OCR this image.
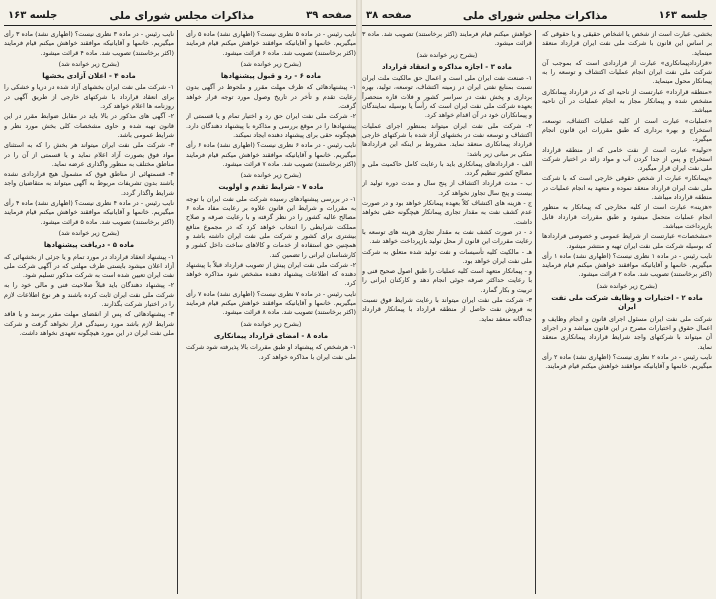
صفحه ۳۹
مذاکرات مجلس شورای ملی
جلسه ۱۶۳

نایب رئیس - در ماده ۵ نظری نیست؟ (اظهاری نشد) ماده ۵ رأی میگیریم. خانمها و آقایانیکه موافقند خواهش میکنم قیام فرمایند (اکثر برخاستند) تصویب شد. ماده ۶ قرائت میشود.

(بشرح زیر خوانده شد)

ماده ۶ - رد و قبول پیشنهادها

۱- پیشنهادهائی که ظرف مهلت مقرر و ملحوظ در آگهی بدون رعایت تقدم و تأخر در تاریخ وصول مورد توجه قرار خواهد گرفت.

۲- شرکت ملی نفت ایران حق رد و اختیار تمام و یا قسمتی از پیشنهادها را در موقع بررسی و مذاکره با پیشنهاد دهندگان دارد. هیچگونه حقی برای پیشنهاد دهنده ایجاد نمیکند.

نایب رئیس - در ماده ۶ نظری نیست؟ (اظهاری نشد) ماده ۶ رأی میگیریم. خانمها و آقایانیکه موافقند خواهش میکنم قیام فرمایند (اکثر برخاستند) تصویب شد. ماده ۷ قرائت میشود.

(بشرح زیر خوانده شد)

ماده ۷ - شرایط تقدم و اولویت

۱- در بررسی پیشنهادهای رسیده شرکت ملی نفت ایران با توجه به مقررات و شرایط این قانون علاوه بر رعایت مفاد ماده ۶ مصالح عالیه کشور را در نظر گرفته و با رعایت صرفه و صلاح مملکت شرایطی را انتخاب خواهد کرد که در مجموع منافع بیشتری برای کشور و شرکت ملی نفت ایران داشته باشد و همچنین حق استفاده از خدمات و کالاهای ساخت داخل کشور و کارشناسان ایرانی را تضمین کند.

۲- شرکت ملی نفت ایران پیش از تصویب قرارداد قبلاً با پیشنهاد دهنده که اطلاعات پیشنهاد دهنده مشخص شود مذاکره خواهد کرد.

نایب رئیس - در ماده ۷ نظری نیست؟ (اظهاری نشد) ماده ۷ رأی میگیریم. خانمها و آقایانیکه موافقند خواهش میکنم قیام فرمایند (اکثر برخاستند) تصویب شد. ماده ۸ قرائت میشود.

(بشرح زیر خوانده شد)

ماده ۸ - امضای قرارداد پیمانکاری

۱- هرشخص که پیشنهاد او طبق مقررات بالا پذیرفته شود شرکت ملی نفت ایران با مذاکره خواهد کرد.

نایب رئیس - در ماده ۳ نظری نیست؟ (اظهاری نشد) ماده ۳ رأی میگیریم. خانمها و آقایانیکه موافقند خواهش میکنم قیام فرمایند (اکثر برخاستند) تصویب شد. ماده ۴ قرائت میشود.

(بشرح زیر خوانده شد)

ماده ۴ - اعلان آزادی بخشها

۱- شرکت ملی نفت ایران بخشهای آزاد شده در دریا و خشکی را برای انعقاد قرارداد با شرکتهای خارجی از طریق آگهی در روزنامه ها اعلام خواهد کرد.

۲- آگهی های مذکور در بالا باید در مقابل ضوابط مقرر در این قانون تهیه شده و حاوی مشخصات کلی بخش مورد نظر و شرایط عمومی باشد.

۳- شرکت ملی نفت ایران میتواند هر بخش را که به استثنای مواد فوق بصورت آزاد اعلام نماید و یا قسمتی از آن را در مناطق مختلف به منظور واگذاری عرضه نماید.

۴- قسمتهائی از مناطق فوق که مشمول هیچ قراردادی نشده باشند بدون تشریفات مربوط به آگهی میتواند به متقاضیان واجد شرایط واگذار گردد.

نایب رئیس - در ماده ۴ نظری نیست؟ (اظهاری نشد) ماده ۴ رأی میگیریم. خانمها و آقایانیکه موافقند خواهش میکنم قیام فرمایند (اکثر برخاستند) تصویب شد. ماده ۵ قرائت میشود.

(بشرح زیر خوانده شد)

ماده ۵ - دریافت پیشنهادها

۱- پیشنهاد انعقاد قرارداد در مورد تمام و یا جزئی از بخشهائی که آزاد اعلان میشود بایستی ظرف مهلتی که در آگهی شرکت ملی نفت ایران تعیین شده است به شرکت مذکور تسلیم شود.

۲- پیشنهاد دهندگان باید قبلاً صلاحیت فنی و مالی خود را به شرکت ملی نفت ایران ثابت کرده باشند و هر نوع اطلاعات لازم را در اختیار شرکت بگذارند.

۳- پیشنهادهائی که پس از انقضای مهلت مقرر برسد و یا فاقد شرایط لازم باشد مورد رسیدگی قرار نخواهد گرفت و شرکت ملی نفت ایران در این مورد هیچگونه تعهدی نخواهد داشت.

جلسه ۱۶۳
مذاکرات مجلس شورای ملی
صفحه ۳۸

بخشی، عبارت است از شخص یا اشخاص حقیقی و یا حقوقی که بر اساس این قانون با شرکت ملی نفت ایران قرارداد منعقد مینماید.

«قراردادپیمانکاری» عبارت از قراردادی است که بموجب آن شرکت ملی نفت ایران انجام عملیات اکتشاف و توسعه را به پیمانکار محول مینماید.

«منطقه قرارداد» عبارتست از ناحیه ای که در قرارداد پیمانکاری مشخص شده و پیمانکار مجاز به انجام عملیات در آن ناحیه میباشد.

«عملیات» عبارت است از کلیه عملیات اکتشاف، توسعه، استخراج و بهره برداری که طبق مقررات این قانون انجام میگیرد.

«تولید» عبارت است از نفت خامی که از منطقه قرارداد استخراج و پس از جدا کردن آب و مواد زائد در اختیار شرکت ملی نفت ایران قرار میگیرد.

«پیمانکار» عبارت از شخص حقوقی خارجی است که با شرکت ملی نفت ایران قرارداد منعقد نموده و متعهد به انجام عملیات در منطقه قرارداد میباشد.

«هزینه» عبارت است از کلیه مخارجی که پیمانکار به منظور انجام عملیات متحمل میشود و طبق مقررات قرارداد قابل بازپرداخت میباشد.

«مشخصات» عبارتست از شرایط عمومی و خصوصی قراردادها که بوسیله شرکت ملی نفت ایران تهیه و منتشر میشود.

نایب رئیس - در ماده ۱ نظری نیست؟ (اظهاری نشد) ماده ۱ رأی میگیریم. خانمها و آقایانیکه موافقند خواهش میکنم قیام فرمایند (اکثر برخاستند) تصویب شد. ماده ۲ قرائت میشود.

(بشرح زیر خوانده شد)

ماده ۲ - اختیارات و وظایف شرکت ملی نفت ایران

شرکت ملی نفت ایران مسئول اجرای قانون و انجام وظایف و اعمال حقوق و اختیارات مصرح در این قانون میباشد و در اجرای آن میتواند با شرکتهای واجد شرایط قرارداد پیمانکاری منعقد نماید.

نایب رئیس - در ماده ۲ نظری نیست؟ (اظهاری نشد) ماده ۲ رأی میگیریم. خانمها و آقایانیکه موافقند خواهش میکنم قیام فرمایند.

خواهش میکنم قیام فرمایند (اکثر برخاستند) تصویب شد. ماده ۳ قرائت میشود.

(بشرح زیر خوانده شد)

ماده ۳ - اجازه مذاکره و انعقاد قرارداد

۱- صنعت نفت ایران ملی است و اعمال حق مالکیت ملت ایران نسبت بمنابع نفتی ایران در زمینه اکتشاف، توسعه، تولید، بهره برداری و پخش نفت در سراسر کشور و فلات قاره منحصراً بعهده شرکت ملی نفت ایران است که رأساً یا بوسیله نمایندگان و پیمانکاران خود در آن اقدام خواهد کرد.

۲- شرکت ملی نفت ایران میتواند بمنظور اجرای عملیات اکتشاف و توسعه نفت در بخشهای آزاد شده با شرکتهای خارجی قرارداد پیمانکاری منعقد نماید. مشروط بر اینکه این قراردادها متکی بر مبانی زیر باشد:

الف - قراردادهای پیمانکاری باید با رعایت کامل حاکمیت ملی و مصالح کشور تنظیم گردد.

ب - مدت قرارداد اکتشاف از پنج سال و مدت دوره تولید از بیست و پنج سال تجاوز نخواهد کرد.

ج - هزینه های اکتشاف کلاً بعهده پیمانکار خواهد بود و در صورت عدم کشف نفت به مقدار تجاری پیمانکار هیچگونه حقی نخواهد داشت.

د - در صورت کشف نفت به مقدار تجاری هزینه های توسعه با رعایت مقررات این قانون از محل تولید بازپرداخت خواهد شد.

هـ - مالکیت کلیه تأسیسات و نفت تولید شده متعلق به شرکت ملی نفت ایران خواهد بود.

و - پیمانکار متعهد است کلیه عملیات را طبق اصول صحیح فنی و با رعایت حداکثر صرفه جوئی انجام دهد و کارکنان ایرانی را تربیت و بکار گمارد.

۳- شرکت ملی نفت ایران میتواند با رعایت شرایط فوق نسبت به فروش نفت حاصل از منطقه قرارداد با پیمانکار قرارداد جداگانه منعقد نماید.
